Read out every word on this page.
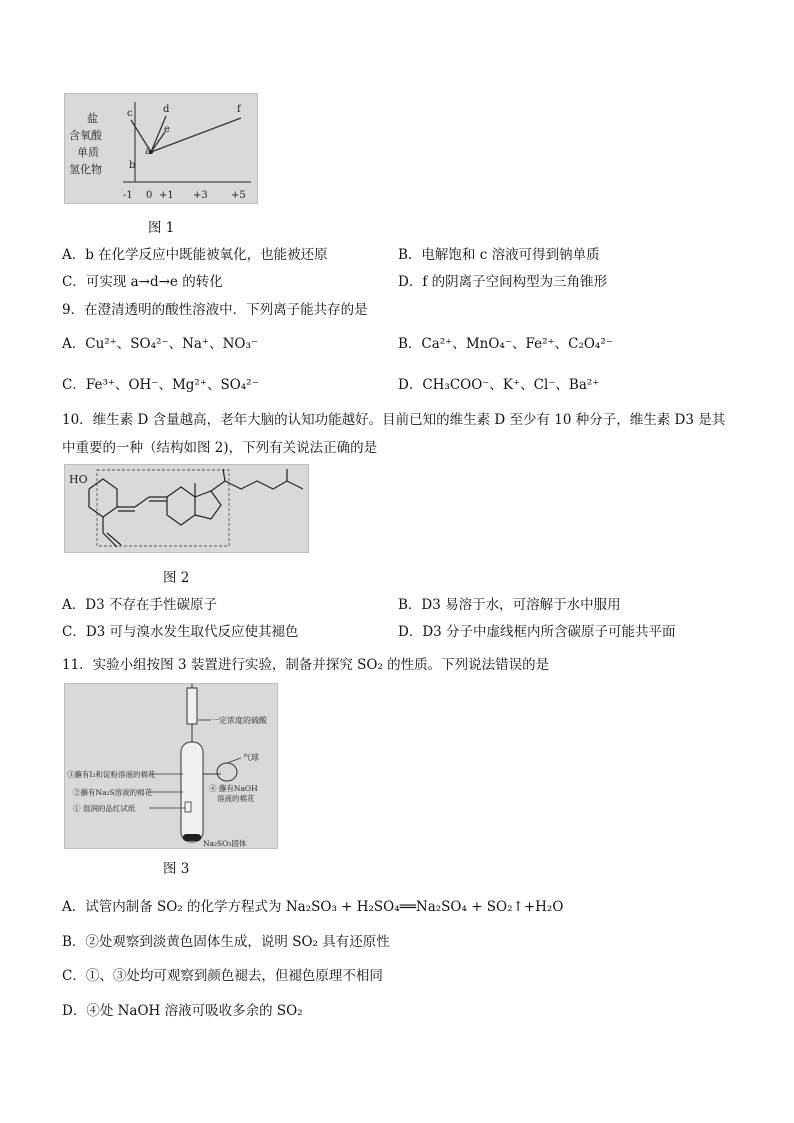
盐
含氧酸
单质
氢化物
c	d
e
a
b
f
-1 0 +1 +3 +5
图 1
A．b 在化学反应中既能被氧化，也能被还原	B．电解饱和 c 溶液可得到钠单质
C．可实现 a→d→e 的转化	D．f 的阴离子空间构型为三角锥形
9．在澄清透明的酸性溶液中．下列离子能共存的是
A．Cu²⁺、SO₄²⁻、Na⁺、NO₃⁻	B．Ca²⁺、MnO₄⁻、Fe²⁺、C₂O₄²⁻
C．Fe³⁺、OH⁻、Mg²⁺、SO₄²⁻	D．CH₃COO⁻、K⁺、Cl⁻、Ba²⁺
10．维生素 D 含量越高，老年大脑的认知功能越好。目前已知的维生素 D 至少有 10 种分子，维生素 D3 是其
中重要的一种（结构如图 2)，下列有关说法正确的是
HO
图 2
A．D3 不存在手性碳原子	B．D3 易溶于水，可溶解于水中服用
C．D3 可与溴水发生取代反应使其褪色	D．D3 分子中虚线框内所含碳原子可能共平面
11．实验小组按图 3 装置进行实验，制备并探究 SO₂ 的性质。下列说法错误的是
一定浓度的硫酸
气球
③蘸有I₂和淀粉溶液的棉花
②蘸有Na₂S溶液的棉花
① 湿润的品红试纸
④ 蘸有NaOH
溶液的棉花
Na₂SO₃固体
图 3
A．试管内制备 SO₂ 的化学方程式为 Na₂SO₃ + H₂SO₄══Na₂SO₄ + SO₂↑+H₂O
B．②处观察到淡黄色固体生成，说明 SO₂ 具有还原性
C．①、③处均可观察到颜色褪去，但褪色原理不相同
D．④处 NaOH 溶液可吸收多余的 SO₂
